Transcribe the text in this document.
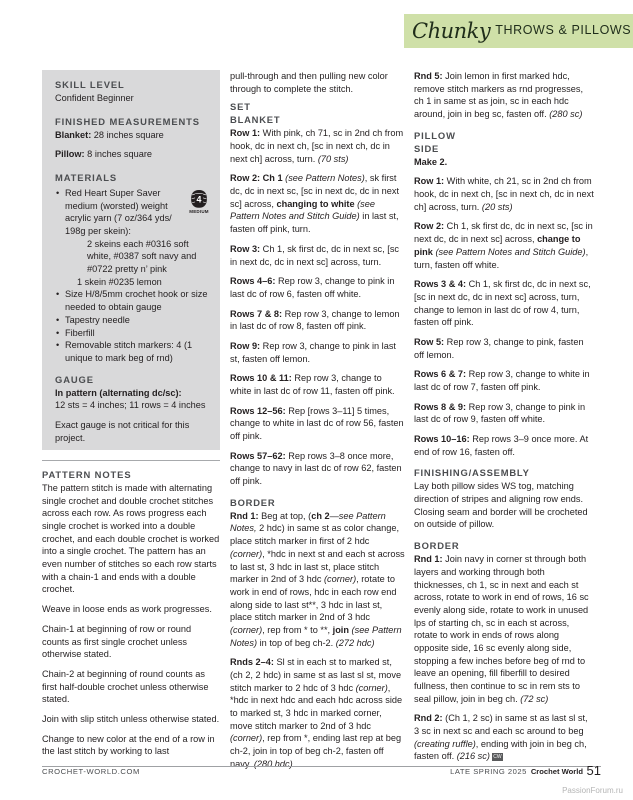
Chunky THROWS & PILLOWS
SKILL LEVEL
Confident Beginner
FINISHED MEASUREMENTS
Blanket: 28 inches square

Pillow: 8 inches square

MATERIALS
• Red Heart Super Saver medium (worsted) weight acrylic yarn (7 oz/364 yds/ 198g per skein):
4
MEDIUM
2 skeins each #0316 soft white, #0387 soft navy and #0722 pretty n’ pink
1 skein #0235 lemon
• Size H/8/5mm crochet hook or size needed to obtain gauge
• Tapestry needle
• Fiberfill
• Removable stitch markers: 4 (1 unique to mark beg of rnd)
GAUGE
In pattern (alternating dc/sc):
12 sts = 4 inches; 11 rows = 4 inches

Exact gauge is not critical for this project.

PATTERN NOTES
The pattern stitch is made with alternating single crochet and double crochet stitches across each row. As rows progress each single crochet is worked into a double crochet, and each double crochet is worked into a single crochet. The pattern has an even number of stitches so each row starts with a chain-1 and ends with a double crochet.

Weave in loose ends as work progresses.

Chain-1 at beginning of row or round counts as first single crochet unless otherwise stated.

Chain-2 at beginning of round counts as first half-double crochet unless otherwise stated.

Join with slip stitch unless otherwise stated.

Change to new color at the end of a row in the last stitch by working to last

pull-through and then pulling new color through to complete the stitch.
SET
BLANKET
Row 1: With pink, ch 71, sc in 2nd ch from hook, dc in next ch, [sc in next ch, dc in next ch] across, turn. (70 sts)

Row 2: Ch 1 (see Pattern Notes), sk first dc, dc in next sc, [sc in next dc, dc in next sc] across, changing to white (see Pattern Notes and Stitch Guide) in last st, fasten off pink, turn.

Row 3: Ch 1, sk first dc, dc in next sc, [sc in next dc, dc in next sc] across, turn.

Rows 4–6: Rep row 3, change to pink in last dc of row 6, fasten off white.

Rows 7 & 8: Rep row 3, change to lemon in last dc of row 8, fasten off pink.

Row 9: Rep row 3, change to pink in last st, fasten off lemon.

Rows 10 & 11: Rep row 3, change to white in last dc of row 11, fasten off pink.

Rows 12–56: Rep [rows 3–11] 5 times, change to white in last dc of row 56, fasten off pink.

Rows 57–62: Rep rows 3–8 once more, change to navy in last dc of row 62, fasten off pink.

BORDER
Rnd 1: Beg at top, (ch 2—see Pattern Notes, 2 hdc) in same st as color change, place stitch marker in first of 2 hdc (corner), *hdc in next st and each st across to last st, 3 hdc in last st, place stitch marker in 2nd of 3 hdc (corner), rotate to work in end of rows, hdc in each row end along side to last st**, 3 hdc in last st, place stitch marker in 2nd of 3 hdc (corner), rep from * to **, join (see Pattern Notes) in top of beg ch-2. (272 hdc)

Rnds 2–4: Sl st in each st to marked st, (ch 2, 2 hdc) in same st as last sl st, move stitch marker to 2 hdc of 3 hdc (corner), *hdc in next hdc and each hdc across side to marked st, 3 hdc in marked corner, move stitch marker to 2nd of 3 hdc (corner), rep from *, ending last rep at beg ch-2, join in top of beg ch-2, fasten off navy. (280 hdc)

Rnd 5: Join lemon in first marked hdc, remove stitch markers as rnd progresses, ch 1 in same st as join, sc in each hdc around, join in beg sc, fasten off. (280 sc)
PILLOW
SIDE
Make 2.

Row 1: With white, ch 21, sc in 2nd ch from hook, dc in next ch, [sc in next ch, dc in next ch] across, turn. (20 sts)

Row 2: Ch 1, sk first dc, dc in next sc, [sc in next dc, dc in next sc] across, change to pink (see Pattern Notes and Stitch Guide), turn, fasten off white.

Rows 3 & 4: Ch 1, sk first dc, dc in next sc, [sc in next dc, dc in next sc] across, turn, change to lemon in last dc of row 4, turn, fasten off pink.

Row 5: Rep row 3, change to pink, fasten off lemon.

Rows 6 & 7: Rep row 3, change to white in last dc of row 7, fasten off pink.

Rows 8 & 9: Rep row 3, change to pink in last dc of row 9, fasten off white.

Rows 10–16: Rep rows 3–9 once more. At end of row 16, fasten off.

FINISHING/ASSEMBLY
Lay both pillow sides WS tog, matching direction of stripes and aligning row ends. Closing seam and border will be crocheted on outside of pillow.
BORDER
Rnd 1: Join navy in corner st through both layers and working through both thicknesses, ch 1, sc in next and each st across, rotate to work in end of rows, 16 sc evenly along side, rotate to work in unused lps of starting ch, sc in each st across, rotate to work in ends of rows along opposite side, 16 sc evenly along side, stopping a few inches before beg of rnd to leave an opening, fill fiberfill to desired fullness, then continue to sc in rem sts to seal pillow, join in beg ch. (72 sc)

Rnd 2: (Ch 1, 2 sc) in same st as last sl st, 3 sc in next sc and each sc around to beg (creating ruffle), ending with join in beg ch, fasten off. (216 sc) CW

CROCHET-WORLD.COM	LATE SPRING 2025 Crochet World 51
PassionForum.ru
